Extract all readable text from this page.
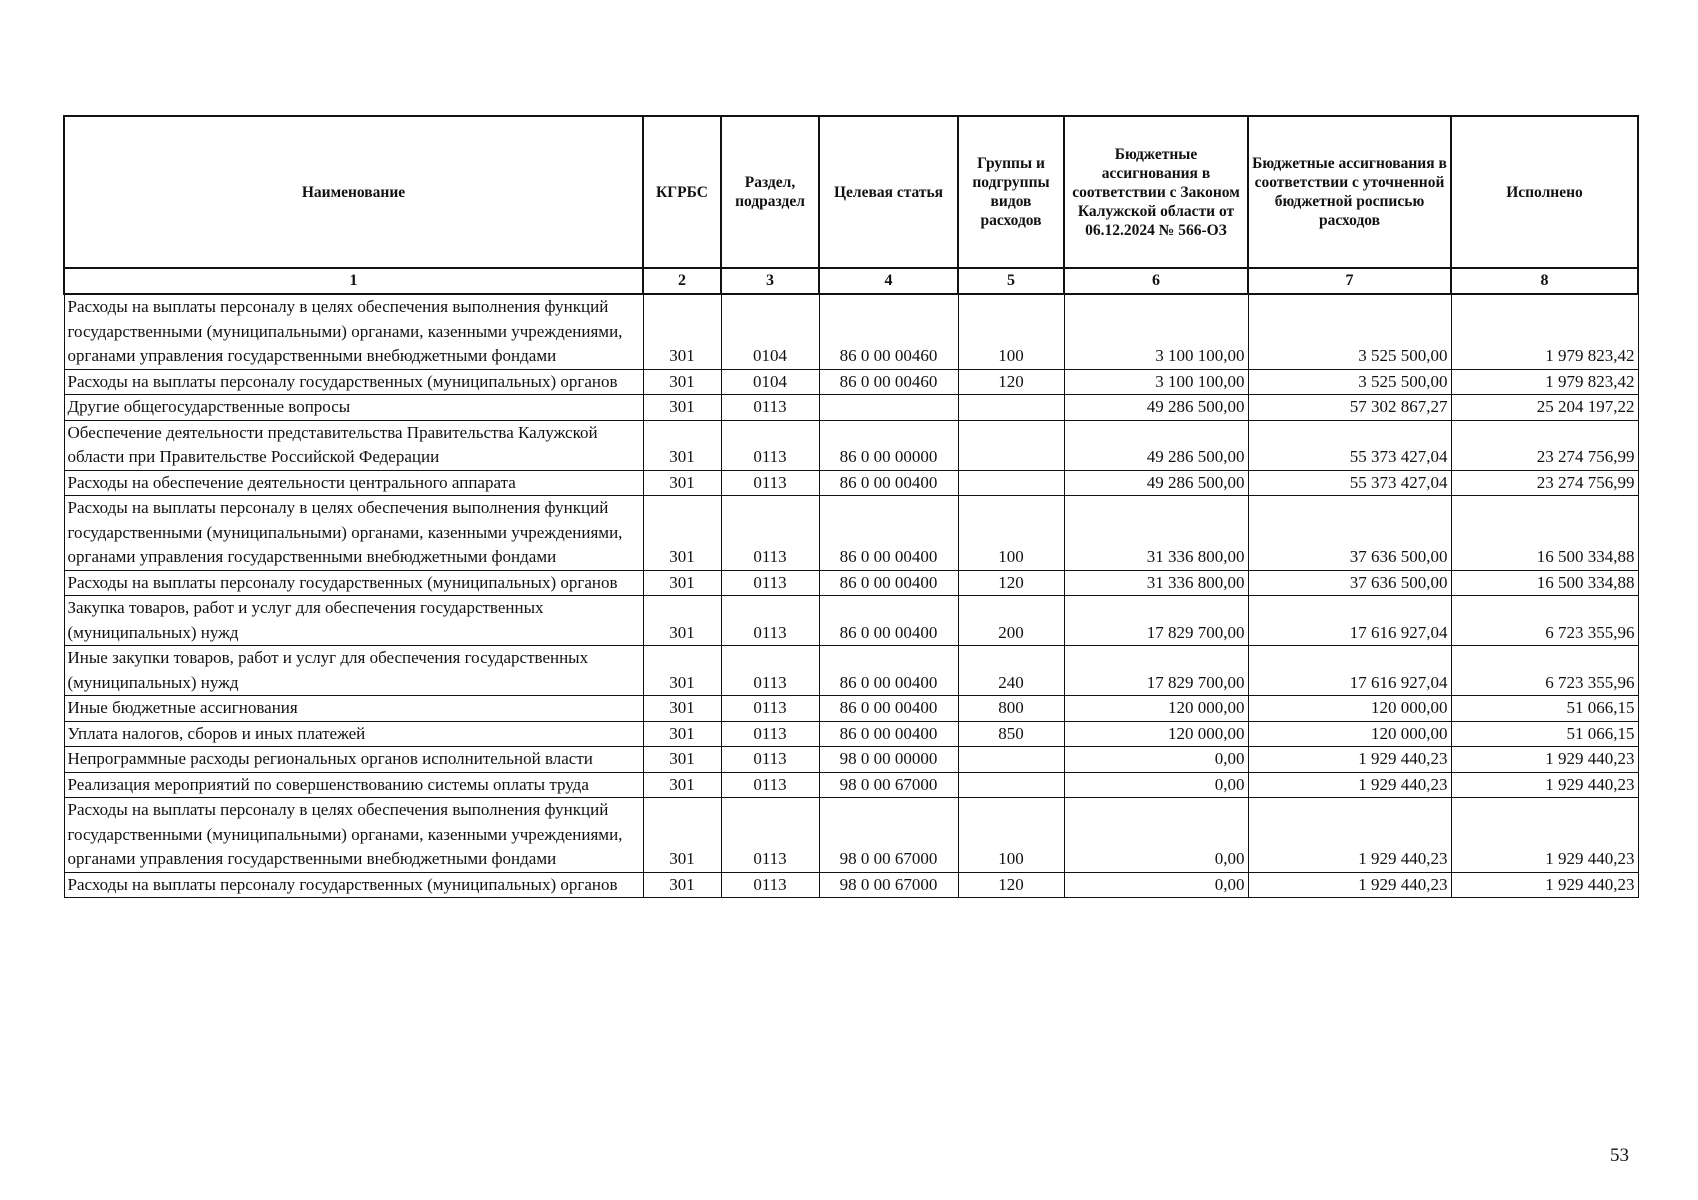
Наименование	КГРБС	Раздел, подраздел	Целевая статья	Группы и подгруппы видов расходов	Бюджетные ассигнования в соответствии с Законом Калужской области от 06.12.2024 № 566-ОЗ	Бюджетные ассигнования в соответствии с уточненной бюджетной росписью расходов	Исполнено
1	2	3	4	5	6	7	8
Расходы на выплаты персоналу в целях обеспечения выполнения функций государственными (муниципальными) органами, казенными учреждениями, органами управления государственными внебюджетными фондами	301	0104	86 0 00 00460	100	3 100 100,00	3 525 500,00	1 979 823,42
Расходы на выплаты персоналу государственных (муниципальных) органов	301	0104	86 0 00 00460	120	3 100 100,00	3 525 500,00	1 979 823,42
Другие общегосударственные вопросы	301	0113			49 286 500,00	57 302 867,27	25 204 197,22
Обеспечение деятельности представительства Правительства Калужской области при Правительстве Российской Федерации	301	0113	86 0 00 00000		49 286 500,00	55 373 427,04	23 274 756,99
Расходы на обеспечение деятельности центрального аппарата	301	0113	86 0 00 00400		49 286 500,00	55 373 427,04	23 274 756,99
Расходы на выплаты персоналу в целях обеспечения выполнения функций государственными (муниципальными) органами, казенными учреждениями, органами управления государственными внебюджетными фондами	301	0113	86 0 00 00400	100	31 336 800,00	37 636 500,00	16 500 334,88
Расходы на выплаты персоналу государственных (муниципальных) органов	301	0113	86 0 00 00400	120	31 336 800,00	37 636 500,00	16 500 334,88
Закупка товаров, работ и услуг для обеспечения государственных (муниципальных) нужд	301	0113	86 0 00 00400	200	17 829 700,00	17 616 927,04	6 723 355,96
Иные закупки товаров, работ и услуг для обеспечения государственных (муниципальных) нужд	301	0113	86 0 00 00400	240	17 829 700,00	17 616 927,04	6 723 355,96
Иные бюджетные ассигнования	301	0113	86 0 00 00400	800	120 000,00	120 000,00	51 066,15
Уплата налогов, сборов и иных платежей	301	0113	86 0 00 00400	850	120 000,00	120 000,00	51 066,15
Непрограммные расходы региональных органов исполнительной власти	301	0113	98 0 00 00000		0,00	1 929 440,23	1 929 440,23
Реализация мероприятий по совершенствованию системы оплаты труда	301	0113	98 0 00 67000		0,00	1 929 440,23	1 929 440,23
Расходы на выплаты персоналу в целях обеспечения выполнения функций государственными (муниципальными) органами, казенными учреждениями, органами управления государственными внебюджетными фондами	301	0113	98 0 00 67000	100	0,00	1 929 440,23	1 929 440,23
Расходы на выплаты персоналу государственных (муниципальных) органов	301	0113	98 0 00 67000	120	0,00	1 929 440,23	1 929 440,23
53
